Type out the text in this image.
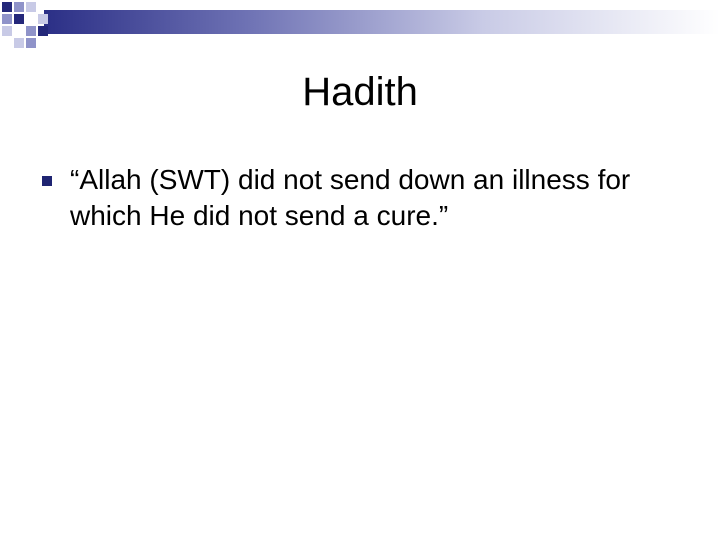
Hadith
“Allah (SWT) did not send down an illness for which He did not send a cure.”
